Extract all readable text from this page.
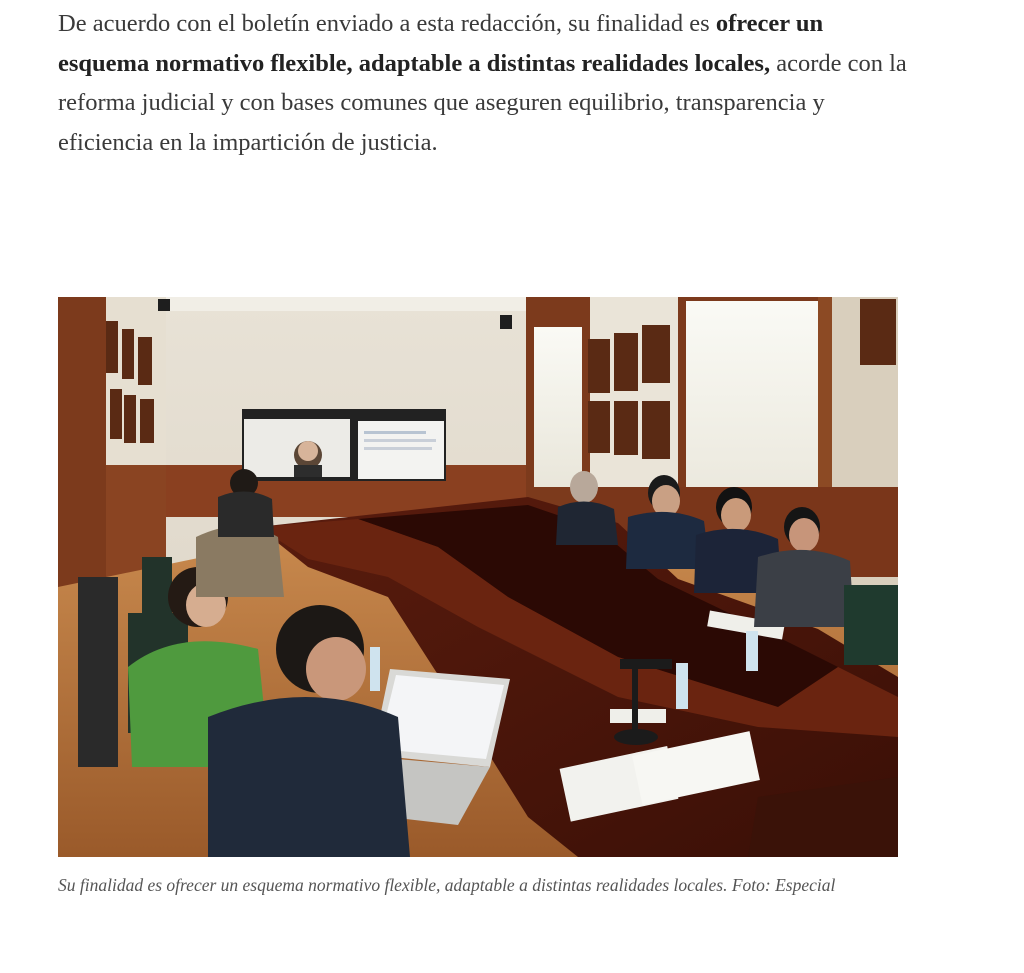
De acuerdo con el boletín enviado a esta redacción, su finalidad es ofrecer un esquema normativo flexible, adaptable a distintas realidades locales, acorde con la reforma judicial y con bases comunes que aseguren equilibrio, transparencia y eficiencia en la impartición de justicia.

Su finalidad es ofrecer un esquema normativo flexible, adaptable a distintas realidades locales. Foto: Especial
